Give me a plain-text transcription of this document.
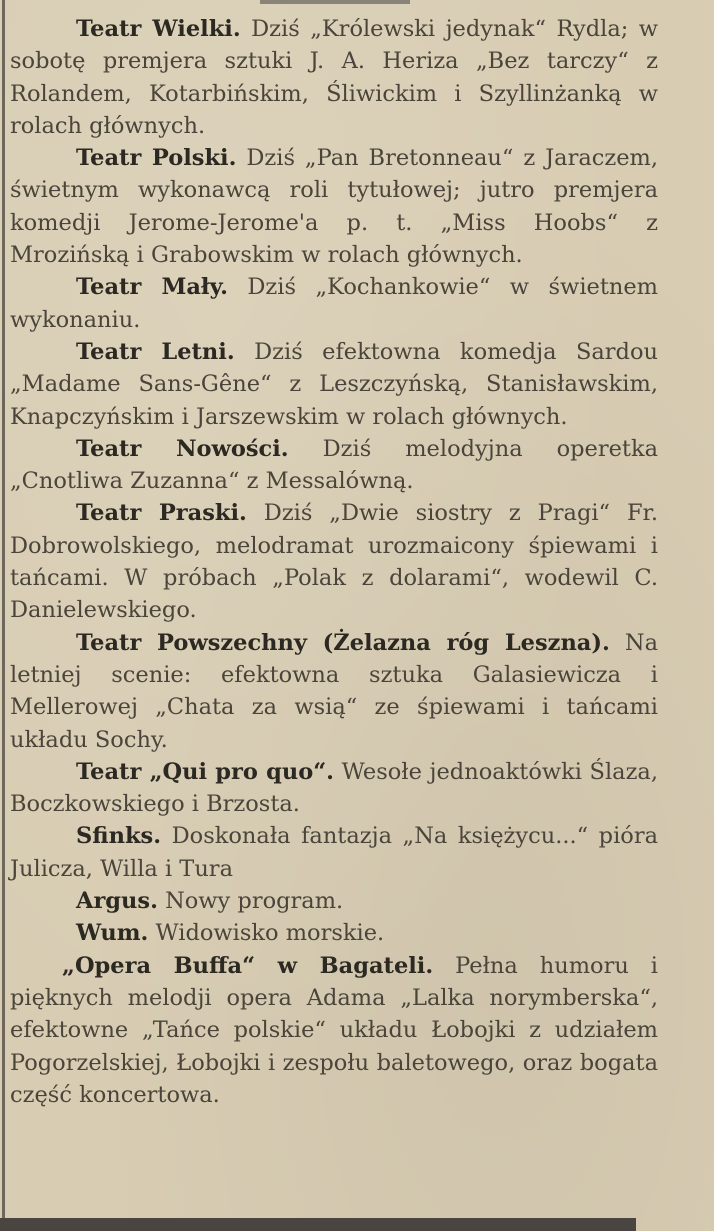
Teatr Wielki. Dziś „Królewski jedynak“ Rydla; w sobotę premjera sztuki J. A. Heriza „Bez tarczy“ z Rolandem, Kotarbińskim, Śliwickim i Szyllinżanką w rolach głównych.

Teatr Polski. Dziś „Pan Bretonneau“ z Jaraczem, świetnym wykonawcą roli tytułowej; jutro premjera komedji Jerome-Jerome'a p. t. „Miss Hoobs“ z Mrozińską i Grabowskim w rolach głównych.

Teatr Mały. Dziś „Kochankowie“ w świetnem wykonaniu.

Teatr Letni. Dziś efektowna komedja Sardou „Madame Sans-Gêne“ z Leszczyńską, Stanisławskim, Knapczyńskim i Jarszewskim w rolach głównych.

Teatr Nowości. Dziś melodyjna operetka „Cnotliwa Zuzanna“ z Messalówną.

Teatr Praski. Dziś „Dwie siostry z Pragi“ Fr. Dobrowolskiego, melodramat urozmaicony śpiewami i tańcami. W próbach „Polak z dolarami“, wodewil C. Danielewskiego.

Teatr Powszechny (Żelazna róg Leszna). Na letniej scenie: efektowna sztuka Galasiewicza i Mellerowej „Chata za wsią“ ze śpiewami i tańcami układu Sochy.

Teatr „Qui pro quo“. Wesołe jednoaktówki Ślaza, Boczkowskiego i Brzosta.

Sfinks. Doskonała fantazja „Na księżycu...“ pióra Julicza, Willa i Tura

Argus. Nowy program.

Wum. Widowisko morskie.

„Opera Buffa“ w Bagateli. Pełna humoru i pięknych melodji opera Adama „Lalka norymberska“, efektowne „Tańce polskie“ układu Łobojki z udziałem Pogorzelskiej, Łobojki i zespołu baletowego, oraz bogata część koncertowa.
